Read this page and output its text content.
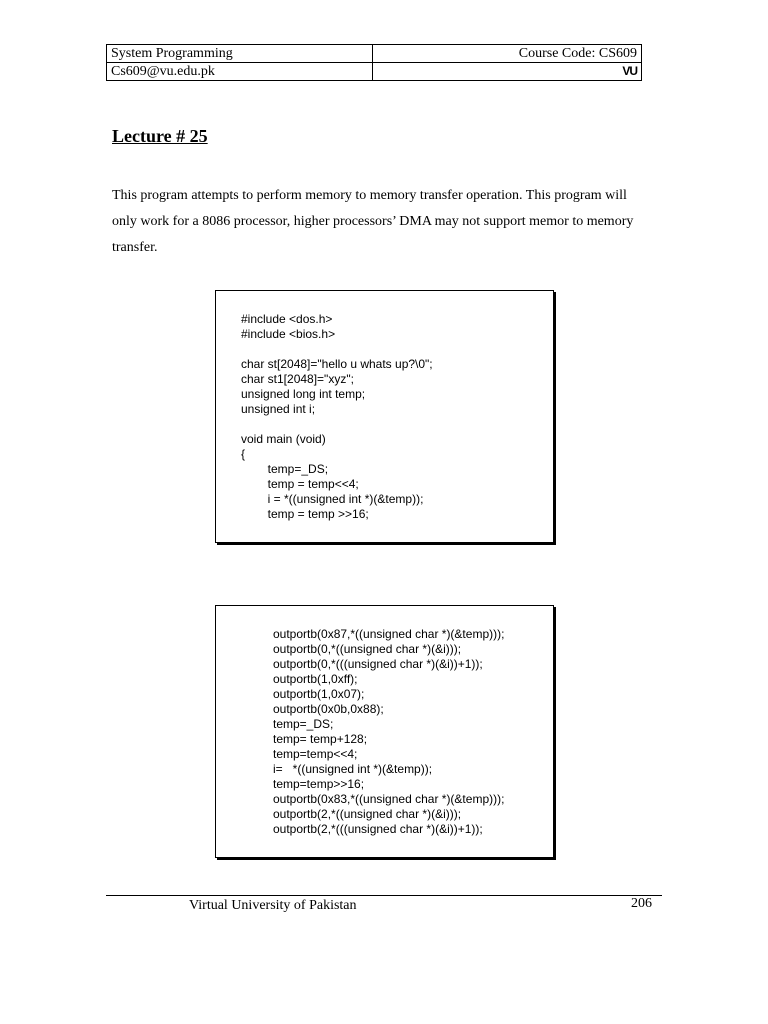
System Programming	Course Code: CS609
Cs609@vu.edu.pk	VU
Lecture # 25

This program attempts to perform memory to memory transfer operation. This program will only work for a 8086 processor, higher processors’ DMA may not support memor to memory transfer.

#include <dos.h>
#include <bios.h>

char st[2048]="hello u whats up?\0";
char st1[2048]="xyz";
unsigned long int temp;
unsigned int i;

void main (void)
{
temp=_DS;
temp = temp<<4;
i = *((unsigned int *)(&temp));
temp = temp >>16;
outportb(0x87,*((unsigned char *)(&temp)));
outportb(0,*((unsigned char *)(&i)));
outportb(0,*(((unsigned char *)(&i))+1));
outportb(1,0xff);
outportb(1,0x07);
outportb(0x0b,0x88);
temp=_DS;
temp= temp+128;
temp=temp<<4;
i=   *((unsigned int *)(&temp));
temp=temp>>16;
outportb(0x83,*((unsigned char *)(&temp)));
outportb(2,*((unsigned char *)(&i)));
outportb(2,*(((unsigned char *)(&i))+1));
Virtual University of Pakistan	206
